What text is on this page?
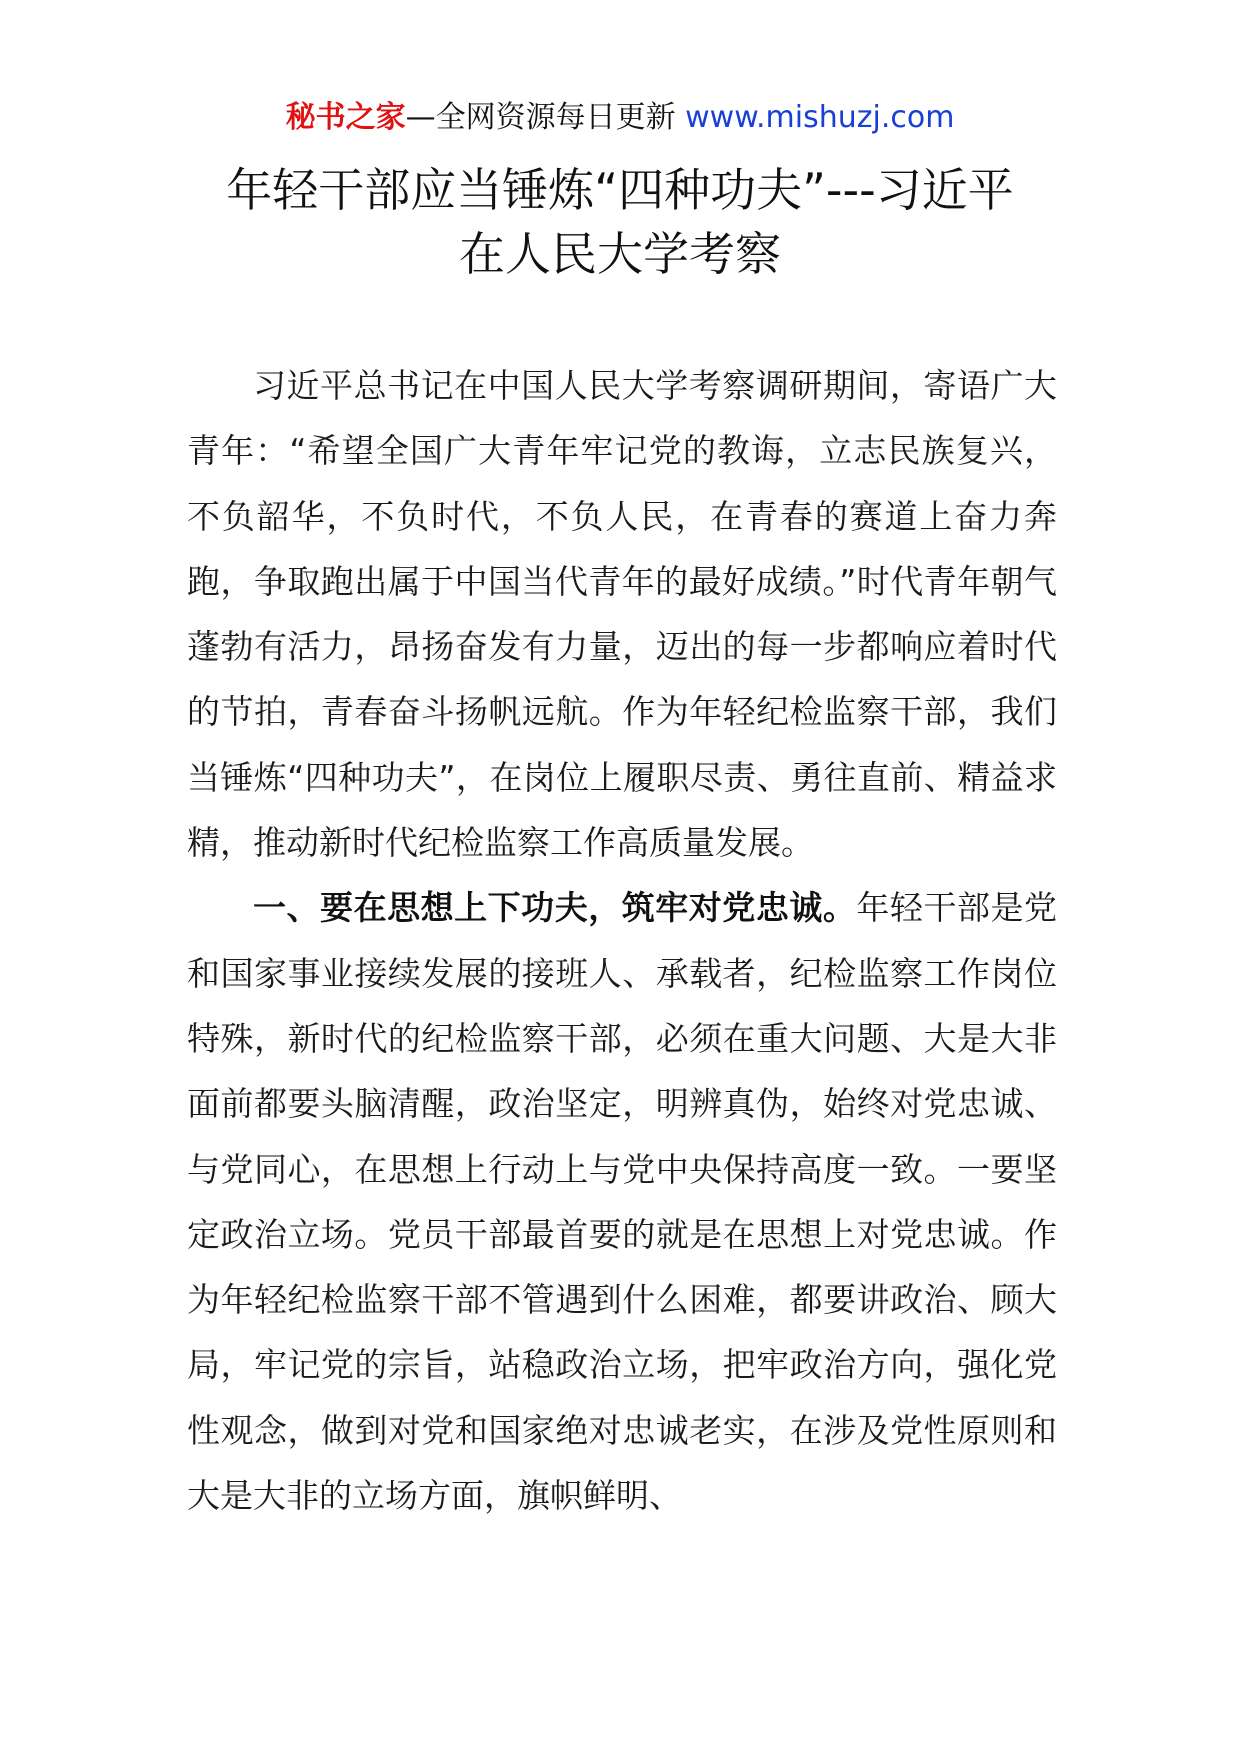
秘书之家—全网资源每日更新 www.mishuzj.com
年轻干部应当锤炼“四种功夫”---习近平
在人民大学考察

习近平总书记在中国人民大学考察调研期间，寄语广大青年：“希望全国广大青年牢记党的教诲，立志民族复兴，不负韶华，不负时代，不负人民，在青春的赛道上奋力奔跑，争取跑出属于中国当代青年的最好成绩。”时代青年朝气蓬勃有活力，昂扬奋发有力量，迈出的每一步都响应着时代的节拍，青春奋斗扬帆远航。作为年轻纪检监察干部，我们当锤炼“四种功夫”，在岗位上履职尽责、勇往直前、精益求精，推动新时代纪检监察工作高质量发展。

一、要在思想上下功夫，筑牢对党忠诚。年轻干部是党和国家事业接续发展的接班人、承载者，纪检监察工作岗位特殊，新时代的纪检监察干部，必须在重大问题、大是大非面前都要头脑清醒，政治坚定，明辨真伪，始终对党忠诚、与党同心，在思想上行动上与党中央保持高度一致。一要坚定政治立场。党员干部最首要的就是在思想上对党忠诚。作为年轻纪检监察干部不管遇到什么困难，都要讲政治、顾大局，牢记党的宗旨，站稳政治立场，把牢政治方向，强化党性观念，做到对党和国家绝对忠诚老实，在涉及党性原则和大是大非的立场方面，旗帜鲜明、
